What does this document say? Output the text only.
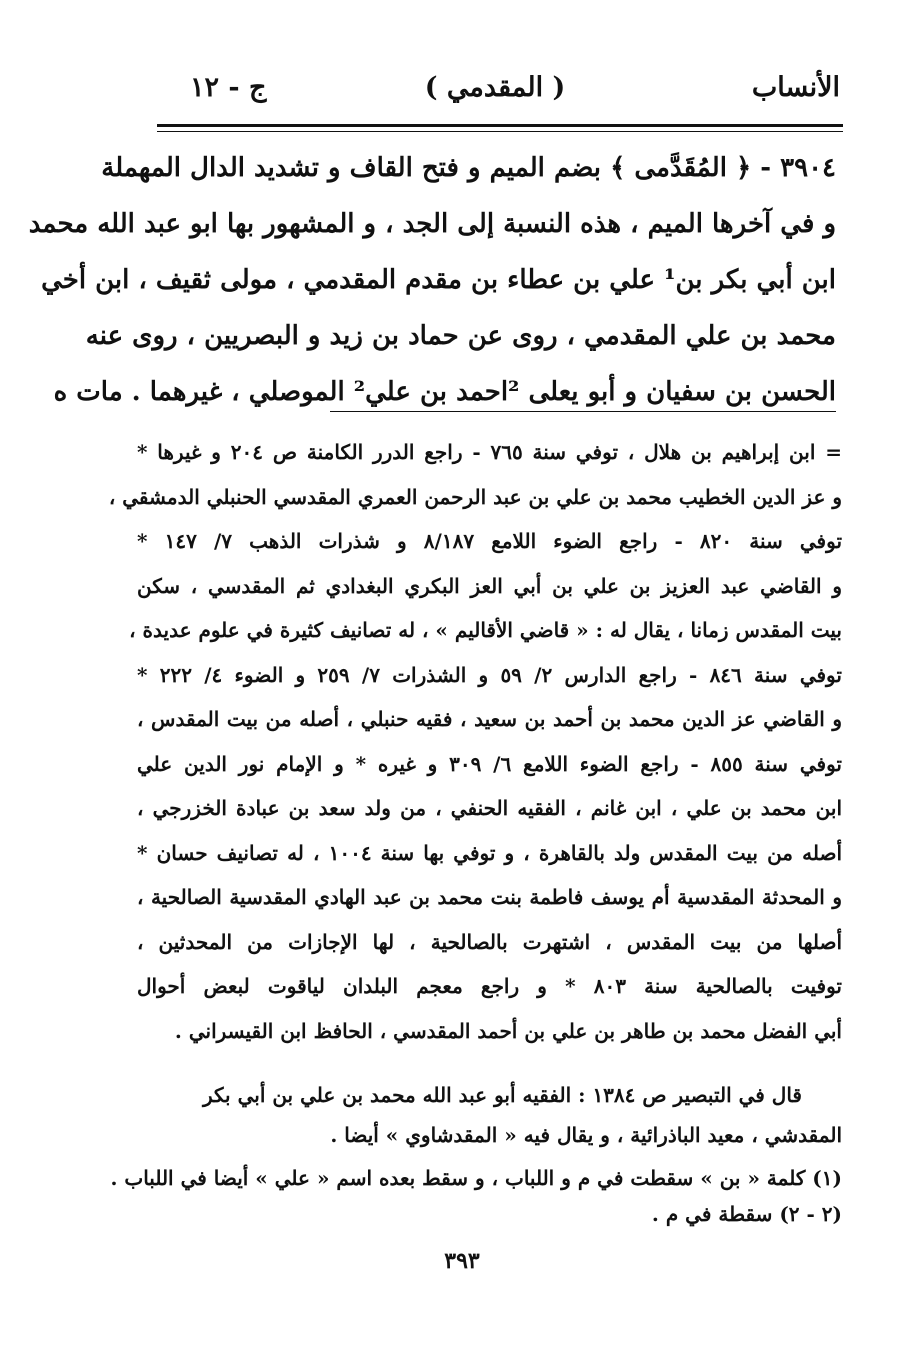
الأنساب
( المقدمي )
ج - ١٢
٣٩٠٤ - ﴿ المُقَدَّمى ﴾ بضم الميم و فتح القاف و تشديد الدال المهملة
و في آخرها الميم ، هذه النسبة إلى الجد ، و المشهور بها ابو عبد الله محمد
ابن أبي بكر بن¹ علي بن عطاء بن مقدم المقدمي ، مولى ثقيف ، ابن أخي
محمد بن علي المقدمي ، روى عن حماد بن زيد و البصريين ، روى عنه
الحسن بن سفيان و أبو يعلى ²احمد بن علي² الموصلي ، غيرهما . مات ه
= ابن إبراهيم بن هلال ، توفي سنة ٧٦٥ - راجع الدرر الكامنة ص ٢٠٤ و غيرها *
و عز الدين الخطيب محمد بن علي بن عبد الرحمن العمري المقدسي الحنبلي الدمشقي ،
توفي سنة ٨٢٠ - راجع الضوء اللامع ٨/١٨٧ و شذرات الذهب ٧/ ١٤٧ *
و القاضي عبد العزيز بن علي بن أبي العز البكري البغدادي ثم المقدسي ، سكن
بيت المقدس زمانا ، يقال له : « قاضي الأقاليم » ، له تصانيف كثيرة في علوم عديدة ،
توفي سنة ٨٤٦ - راجع الدارس ٢/ ٥٩ و الشذرات ٧/ ٢٥٩ و الضوء ٤/ ٢٢٢ *
و القاضي عز الدين محمد بن أحمد بن سعيد ، فقيه حنبلي ، أصله من بيت المقدس ،
توفي سنة ٨٥٥ - راجع الضوء اللامع ٦/ ٣٠٩ و غيره * و الإمام نور الدين علي
ابن محمد بن علي ، ابن غانم ، الفقيه الحنفي ، من ولد سعد بن عبادة الخزرجي ،
أصله من بيت المقدس ولد بالقاهرة ، و توفي بها سنة ١٠٠٤ ، له تصانيف حسان *
و المحدثة المقدسية أم يوسف فاطمة بنت محمد بن عبد الهادي المقدسية الصالحية ،
أصلها من بيت المقدس ، اشتهرت بالصالحية ، لها الإجازات من المحدثين ،
توفيت بالصالحية سنة ٨٠٣ * و راجع معجم البلدان لياقوت لبعض أحوال
أبي الفضل محمد بن طاهر بن علي بن أحمد المقدسي ، الحافظ ابن القيسراني .
قال في التبصير ص ١٣٨٤ : الفقيه أبو عبد الله محمد بن علي بن أبي بكر
المقدشي ، معيد الباذرائية ، و يقال فيه « المقدشاوي » أيضا .
(١) كلمة « بن » سقطت في م و اللباب ، و سقط بعده اسم « علي » أيضا في اللباب .
(٢ - ٢) سقطة في م .
٣٩٣
